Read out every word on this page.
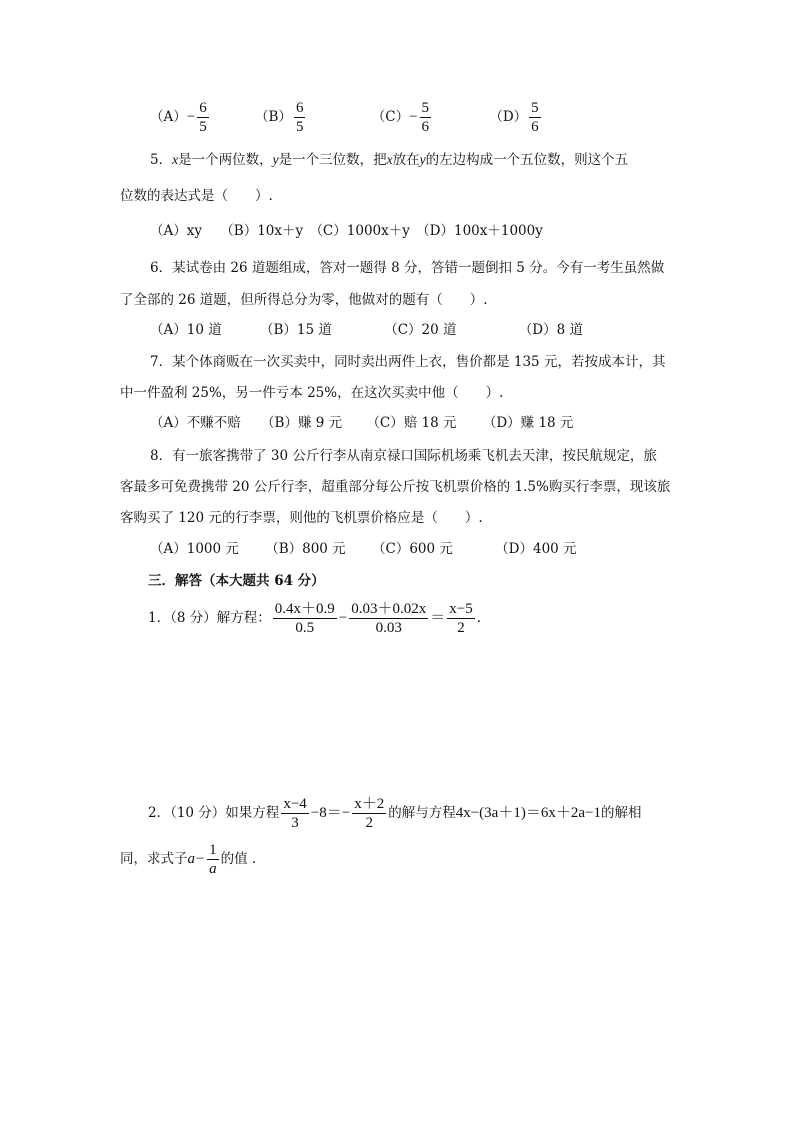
$(A)- \frac{6}{5}$	$(B) \frac{6}{5}$	$(C)- \frac{5}{6}$	$(D) \frac{5}{6}$
5．x是一个两位数，y是一个三位数，把x放在y的左边构成一个五位数，则这个五
位数的表达式是（　　）.
（A）xy （B）10x＋y （C）1000x＋y （D）100x＋1000y
6．某试卷由 26 道题组成，答对一题得 8 分，答错一题倒扣 5 分。今有一考生虽然做
了全部的 26 道题，但所得总分为零，他做对的题有（　　）.
（A）10 道	（B）15 道	（C）20 道	（D）8 道
7．某个体商贩在一次买卖中，同时卖出两件上衣，售价都是 135 元，若按成本计，其
中一件盈利 25%，另一件亏本 25%，在这次买卖中他（　　）.
（A）不赚不赔 （B）赚 9 元 （C）赔 18 元 （D）赚 18 元
8．有一旅客携带了 30 公斤行李从南京禄口国际机场乘飞机去天津，按民航规定，旅
客最多可免费携带 20 公斤行李，超重部分每公斤按飞机票价格的 1.5%购买行李票，现该旅
客购买了 120 元的行李票，则他的飞机票价格应是（　　）.
（A）1000 元 （B）800 元 （C）600 元	（D）400 元
三．解答（本大题共 64 分）
1．（8 分）解方程： $\frac{0.4x+0.9}{0.5} - \frac{0.03+0.02x}{0.03} = \frac{x-5}{2}$ .
2．（10 分）如果方程 $\frac{x-4}{3} -8=- \frac{x+2}{2}$ 的解与方程4x−(3a＋1)＝6x＋2a−1的解相
同，求式子$a- \frac{1}{a}$ 的值 .
